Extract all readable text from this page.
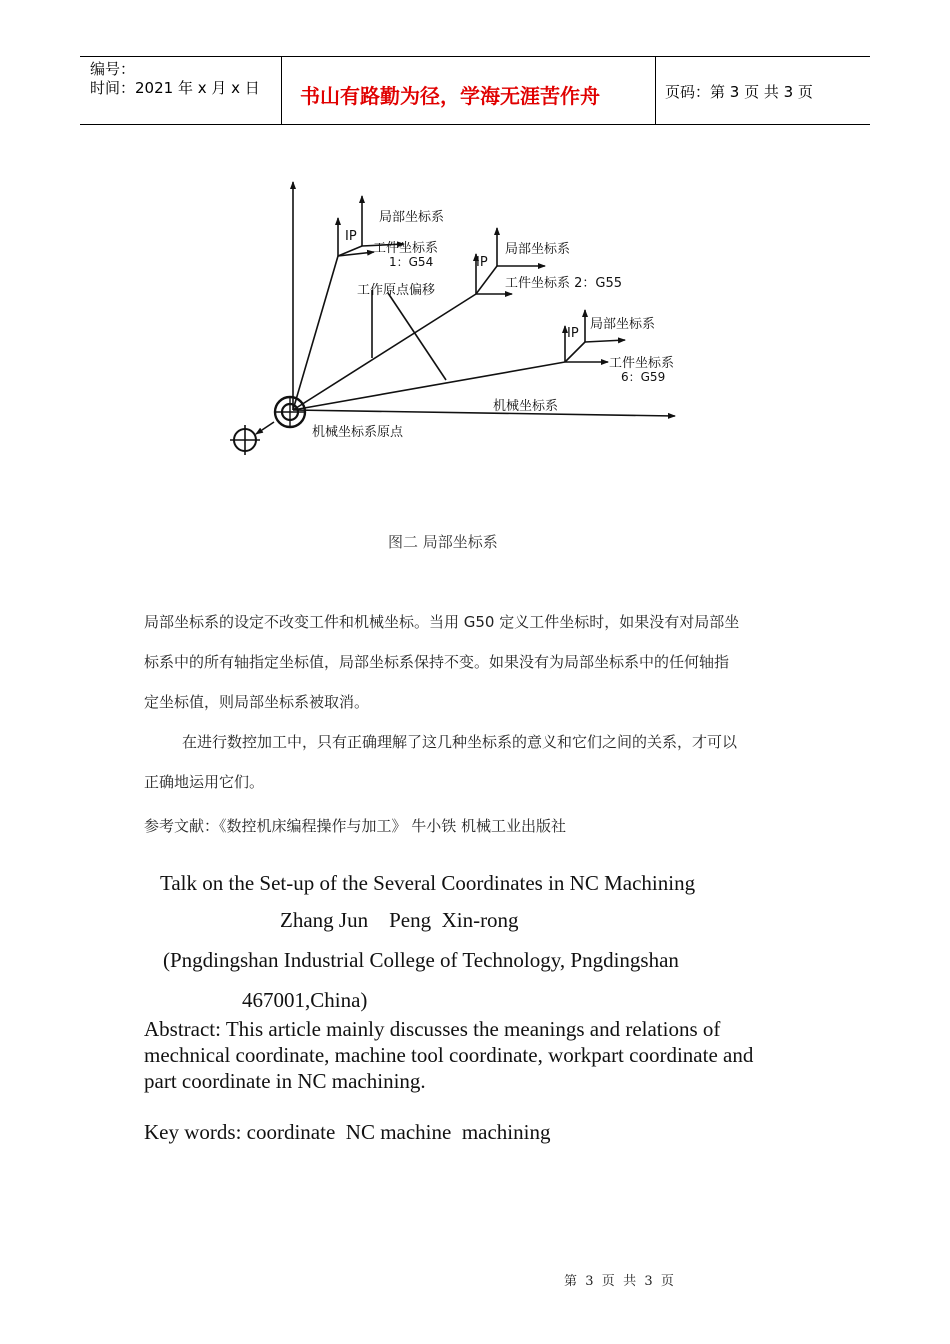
编号：
时间：2021 年 x 月 x 日 书山有路勤为径，学海无涯苦作舟	页码：第 3 页 共 3 页
局部坐标系
IP
工件坐标系
1：G54
局部坐标系
IP
工件坐标系 2：G55
工作原点偏移
局部坐标系
IP
工件坐标系
6：G59
机械坐标系
机械坐标系原点
图二 局部坐标系
局部坐标系的设定不改变工件和机械坐标。当用 G50 定义工件坐标时，如果没有对局部坐
标系中的所有轴指定坐标值，局部坐标系保持不变。如果没有为局部坐标系中的任何轴指
定坐标值，则局部坐标系被取消。
在进行数控加工中，只有正确理解了这几种坐标系的意义和它们之间的关系，才可以
正确地运用它们。
参考文献：《数控机床编程操作与加工》 牛小铁 机械工业出版社
Talk on the Set-up of the Several Coordinates in NC Machining
Zhang Jun    Peng  Xin-rong
(Pngdingshan Industrial College of Technology, Pngdingshan
467001,China)
Abstract: This article mainly discusses the meanings and relations of
mechnical coordinate, machine tool coordinate, workpart coordinate and
part coordinate in NC machining.
Key words: coordinate  NC machine  machining
第  3  页  共  3  页
